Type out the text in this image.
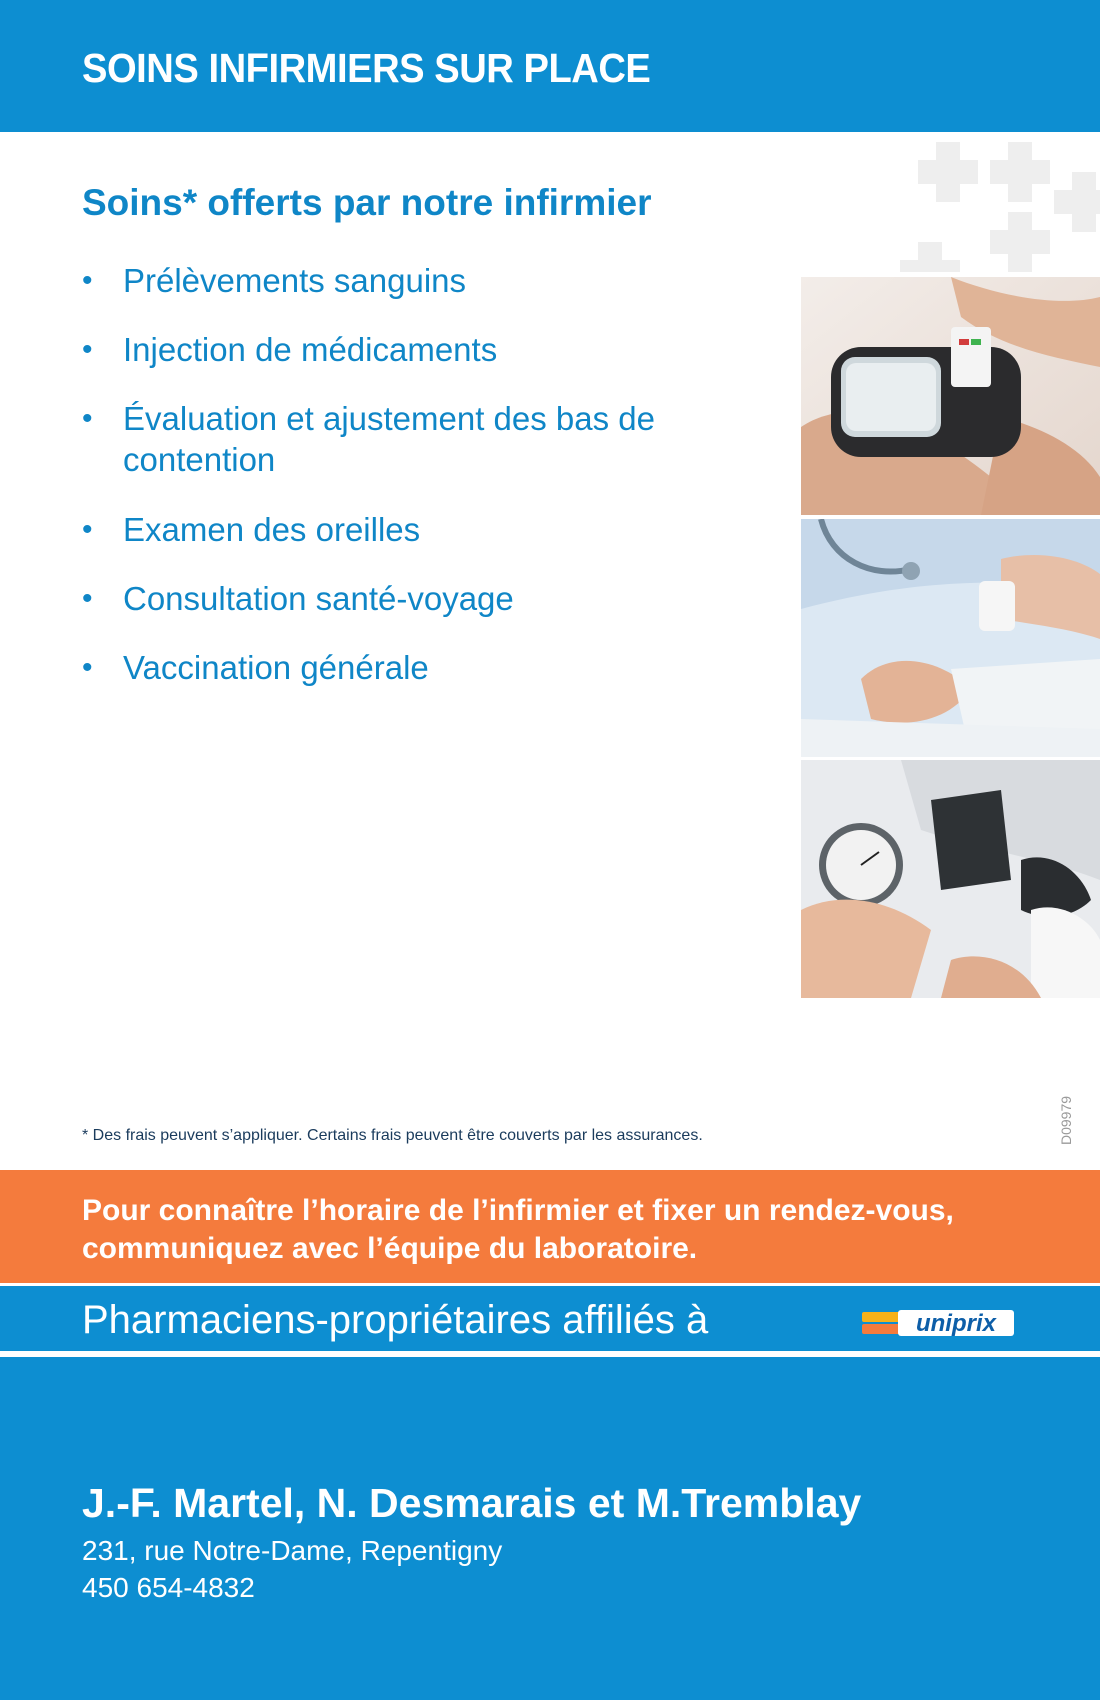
SOINS INFIRMIERS SUR PLACE
Soins* offerts par notre infirmier
• Prélèvements sanguins
• Injection de médicaments
• Évaluation et ajustement des bas de contention
• Examen des oreilles
• Consultation santé-voyage
• Vaccination générale
D09979
* Des frais peuvent s’appliquer. Certains frais peuvent être couverts par les assurances.
Pour connaître l’horaire de l’infirmier et fixer un rendez-vous,
communiquez avec l’équipe du laboratoire.
Pharmaciens-propriétaires affiliés à	uniprix
J.-F. Martel, N. Desmarais et M.Tremblay
231, rue Notre-Dame, Repentigny
450 654-4832
